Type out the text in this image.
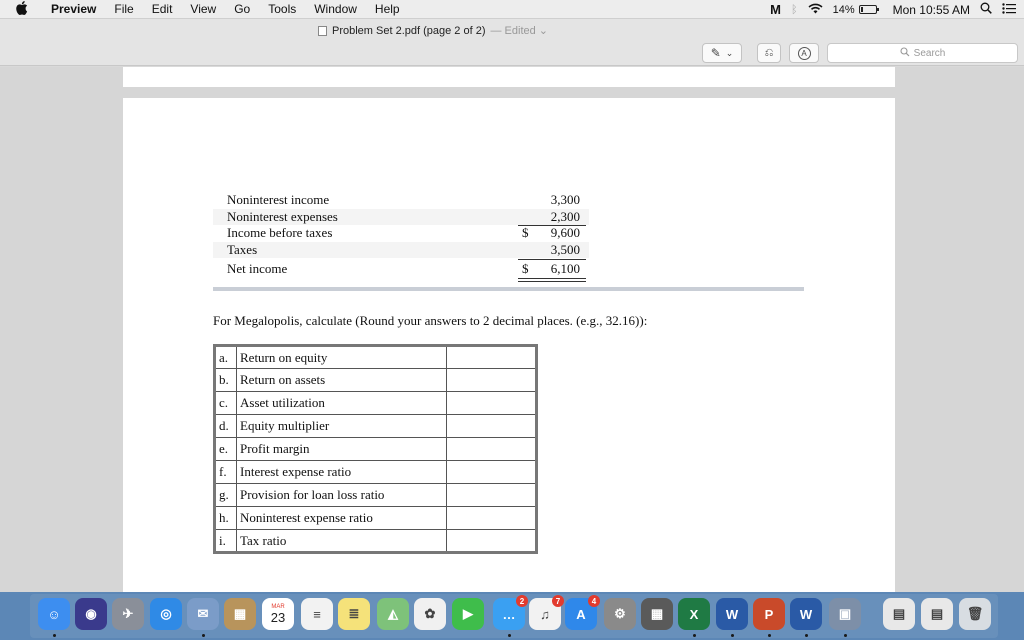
Preview	File	Edit	View	Go	Tools	Window	Help	M ᛒ	14%	Mon 10:55 AM
Problem Set 2.pdf (page 2 of 2) — Edited ⌄
✎ ⌄	⎌	A	Search
Noninterest income	3,300
Noninterest expenses	2,300
Income before taxes	$ 9,600
Taxes	3,500
Net income	$ 6,100
For Megalopolis, calculate (Round your answers to 2 decimal places. (e.g., 32.16)):
a.	Return on equity	
b.	Return on assets	
c.	Asset utilization	
d.	Equity multiplier	
e.	Profit margin	
f.	Interest expense ratio	
g.	Provision for loan loss ratio	
h.	Noninterest expense ratio	
i.	Tax ratio	
☺ ◉ ✈ ◎ ✉ ▦	MAR
23 ≡ ≣ ◭ ✿ ▶ …
2
♫
7
A
4
⚙ ▦ X W P W ▣	▤ ▤ 🗑
